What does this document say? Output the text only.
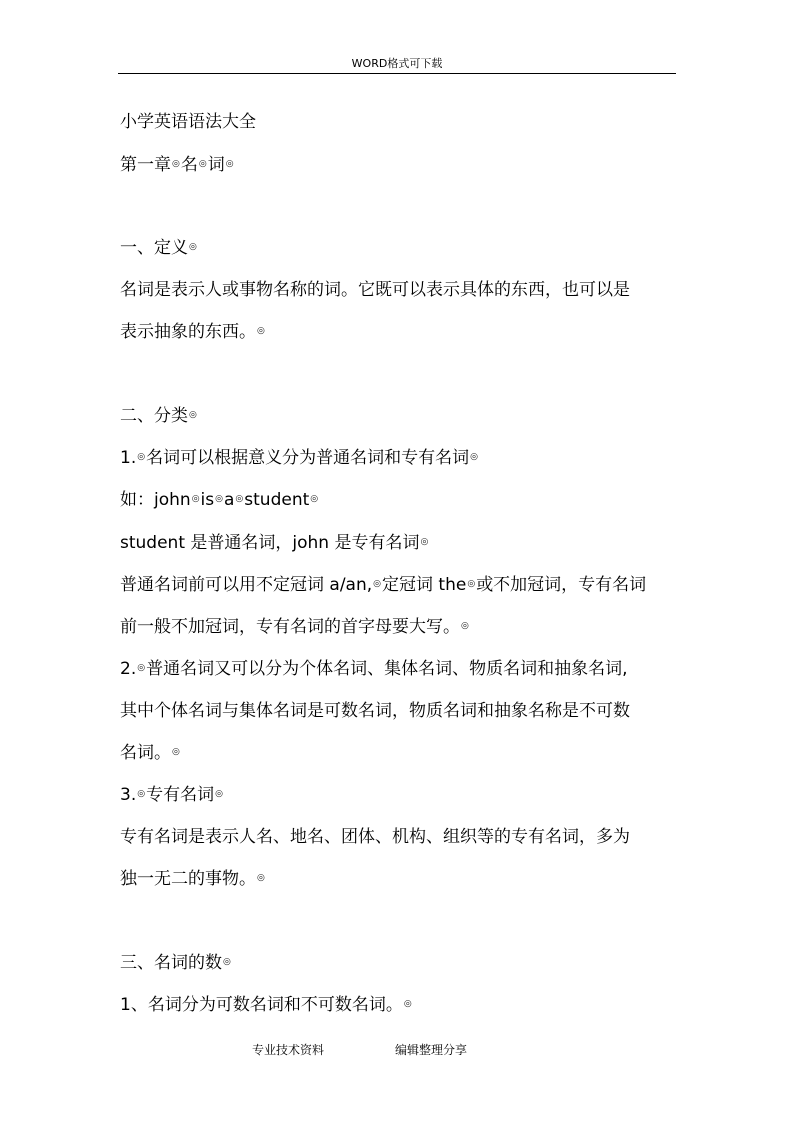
WORD格式可下载
小学英语语法大全
第一章◎名◎词◎
一、定义◎
名词是表示人或事物名称的词。它既可以表示具体的东西，也可以是
表示抽象的东西。◎
二、分类◎
1.◎名词可以根据意义分为普通名词和专有名词◎
如：john◎is◎a◎student◎
student 是普通名词，john 是专有名词◎
普通名词前可以用不定冠词 a/an,◎定冠词 the◎或不加冠词，专有名词
前一般不加冠词，专有名词的首字母要大写。◎
2.◎普通名词又可以分为个体名词、集体名词、物质名词和抽象名词,
其中个体名词与集体名词是可数名词，物质名词和抽象名称是不可数
名词。◎
3.◎专有名词◎
专有名词是表示人名、地名、团体、机构、组织等的专有名词，多为
独一无二的事物。◎
三、名词的数◎
1、名词分为可数名词和不可数名词。◎
专业技术资料	编辑整理分享
